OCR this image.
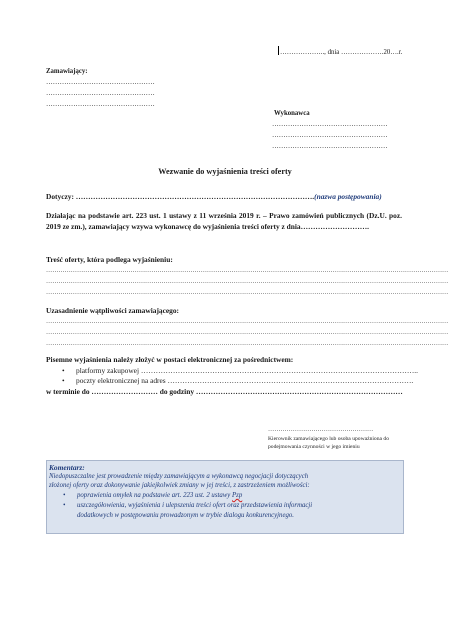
……………….., dnia ……………….20….r.
Zamawiający:
…………………………………………
…………………………………………
…………………………………………
Wykonawca
……………………………………………
……………………………………………
……………………………………………
Wezwanie do wyjaśnienia treści oferty
Dotyczy: …………………………………………………………………………………….(nazwa postępowania)
Działając na podstawie art. 223 ust. 1 ustawy z 11 września 2019 r. – Prawo zamówień publicznych (Dz.U. poz. 2019 ze zm.), zamawiający wzywa wykonawcę do wyjaśnienia treści oferty z dnia……………………….
Treść oferty, która podlega wyjaśnieniu:
……………………………………………………………………………………………………………………………………………………………………………
……………………………………………………………………………………………………………………………………………………………………………
……………………………………………………………………………………………………………………………………………………………………………
Uzasadnienie wątpliwości zamawiającego:
……………………………………………………………………………………………………………………………………………………………………………
……………………………………………………………………………………………………………………………………………………………………………
……………………………………………………………………………………………………………………………………………………………………………
Pisemne wyjaśnienia należy złożyć w postaci elektronicznej za pośrednictwem:
• platformy zakupowej …………………………………………………………………………………………………..
• poczty elektronicznej na adres ……………………………………………………………………………………….
w terminie do ……………………… do godziny …………………………………………………………………………
……………………………………………
Kierownik zamawiającego lub osoba upoważniona do
podejmowania czynności w jego imieniu
Komentarz:
Niedopuszczalne jest prowadzenie między zamawiającym a wykonawcą negocjacji dotyczących
złożonej oferty oraz dokonywanie jakiejkolwiek zmiany w jej treści, z zastrzeżeniem możliwości:
• poprawienia omyłek na podstawie art. 223 ust. 2 ustawy Pzp
• uszczegółowienia, wyjaśnienia i ulepszenia treści ofert oraz przedstawienia informacji
dodatkowych w postępowaniu prowadzonym w trybie dialogu konkurencyjnego.
